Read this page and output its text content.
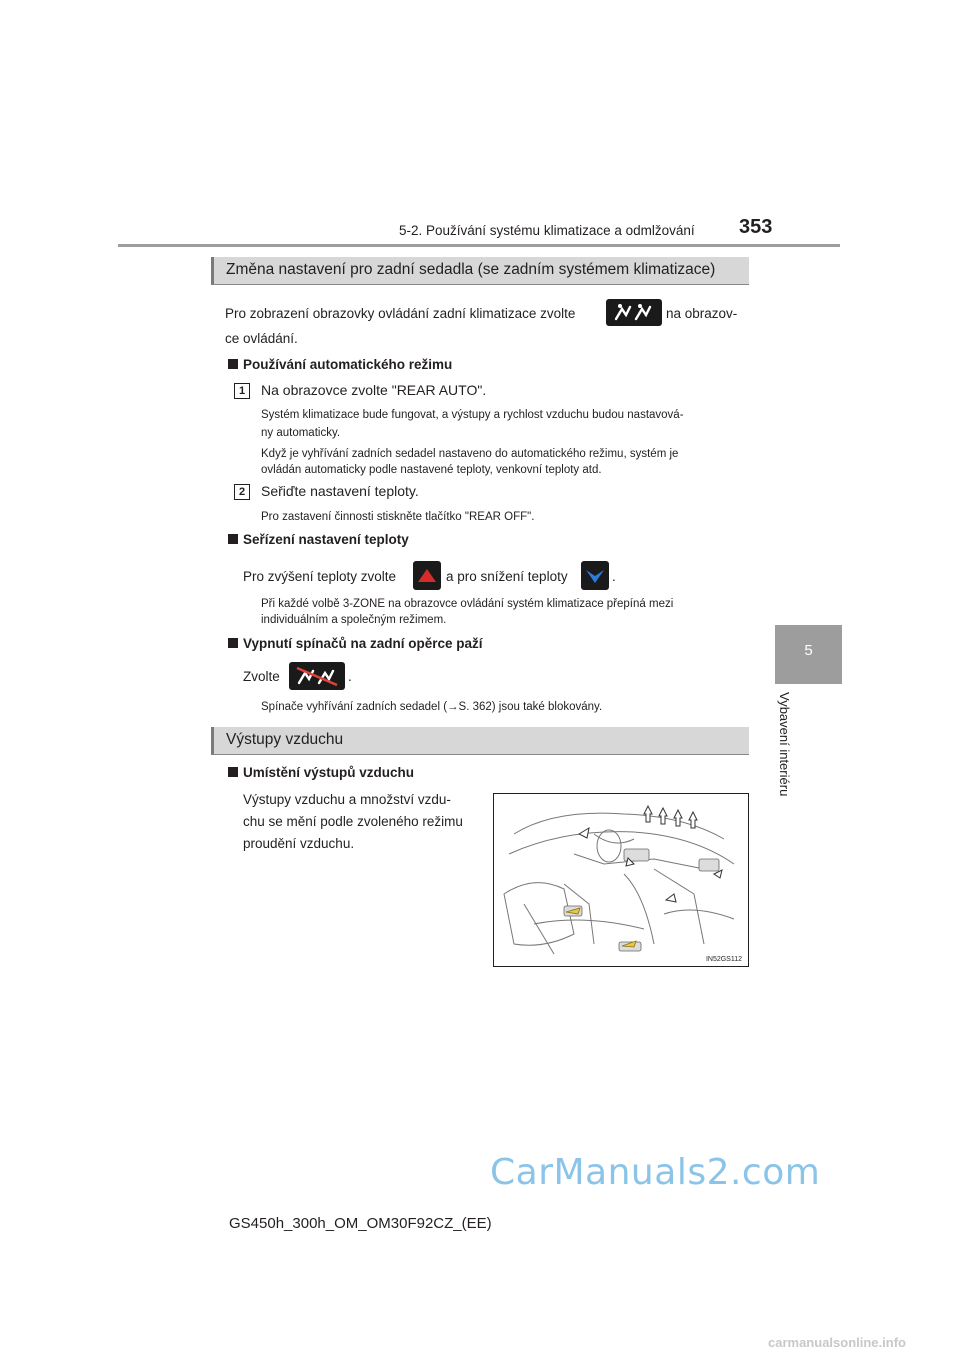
5-2. Používání systému klimatizace a odmlžování 353
5
Vybavení interiéru
Změna nastavení pro zadní sedadla (se zadním systémem klimatizace)
Pro zobrazení obrazovky ovládání zadní klimatizace zvolte	na obrazov-
ce ovládání.
Používání automatického režimu
1	Na obrazovce zvolte "REAR AUTO".
Systém klimatizace bude fungovat, a výstupy a rychlost vzduchu budou nastavová-
ny automaticky.
Když je vyhřívání zadních sedadel nastaveno do automatického režimu, systém je
ovládán automaticky podle nastavené teploty, venkovní teploty atd.
2	Seřiďte nastavení teploty.
Pro zastavení činnosti stiskněte tlačítko "REAR OFF".
Seřízení nastavení teploty
Pro zvýšení teploty zvolte	a pro snížení teploty	.
Při každé volbě 3-ZONE na obrazovce ovládání systém klimatizace přepíná mezi
individuálním a společným režimem.
Vypnutí spínačů na zadní opěrce paží
Zvolte	.
Spínače vyhřívání zadních sedadel (→S. 362) jsou také blokovány.
Výstupy vzduchu
Umístění výstupů vzduchu
Výstupy vzduchu a množství vzdu-
chu se mění podle zvoleného režimu
proudění vzduchu.
IN52GS112
CarManuals2.com
GS450h_300h_OM_OM30F92CZ_(EE)
carmanualsonline.info
